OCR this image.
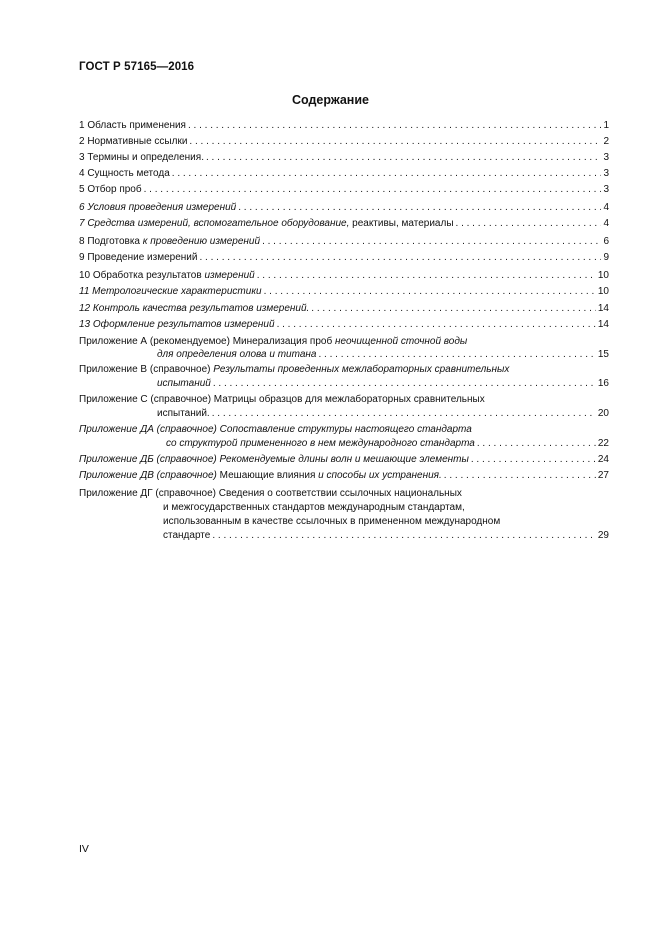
ГОСТ Р 57165—2016
Содержание
1 Область применения . . .	1
2 Нормативные ссылки . . .	2
3 Термины и определения. . . .	3
4 Сущность метода . . .	3
5 Отбор проб . . .	3
6 Условия проведения измерений . . .	4
7 Средства измерений, вспомогательное оборудование, реактивы, материалы . . .	4
8 Подготовка к проведению измерений . . .	6
9 Проведение измерений . . .	9
10 Обработка результатов измерений . . .	10
11 Метрологические характеристики . . .	10
12 Контроль качества результатов измерений. . . .	14
13 Оформление результатов измерений . . .	14
Приложение А (рекомендуемое) Минерализация проб неочищенной сточной воды
для определения олова и титана . . .	15
Приложение В (справочное) Результаты проведенных межлабораторных сравнительных
испытаний . . .	16
Приложение С (справочное) Матрицы образцов для межлабораторных сравнительных
испытаний. . . .	20
Приложение ДА (справочное) Сопоставление структуры настоящего стандарта
со структурой примененного в нем международного стандарта . . .	22
Приложение ДБ (справочное) Рекомендуемые длины волн и мешающие элементы . . .	24
Приложение ДВ (справочное) Мешающие влияния и способы их устранения. . . .	27
Приложение ДГ (справочное) Сведения о соответствии ссылочных национальных
и межгосударственных стандартов международным стандартам,
использованным в качестве ссылочных в примененном международном
стандарте . . .	29
IV
